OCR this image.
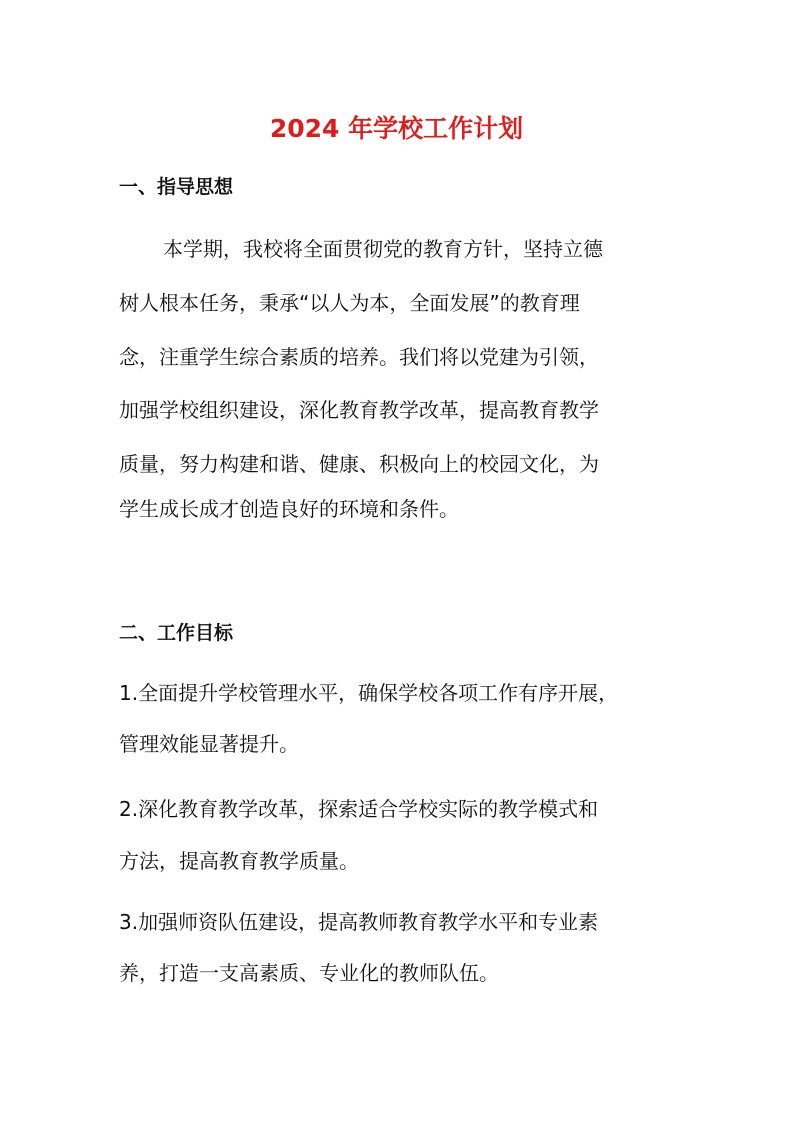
2024 年学校工作计划
一、指导思想
本学期，我校将全面贯彻党的教育方针，坚持立德
树人根本任务，秉承“以人为本，全面发展”的教育理
念，注重学生综合素质的培养。我们将以党建为引领，
加强学校组织建设，深化教育教学改革，提高教育教学
质量，努力构建和谐、健康、积极向上的校园文化，为
学生成长成才创造良好的环境和条件。
二、工作目标
1.全面提升学校管理水平，确保学校各项工作有序开展，
管理效能显著提升。
2.深化教育教学改革，探索适合学校实际的教学模式和
方法，提高教育教学质量。
3.加强师资队伍建设，提高教师教育教学水平和专业素
养，打造一支高素质、专业化的教师队伍。
